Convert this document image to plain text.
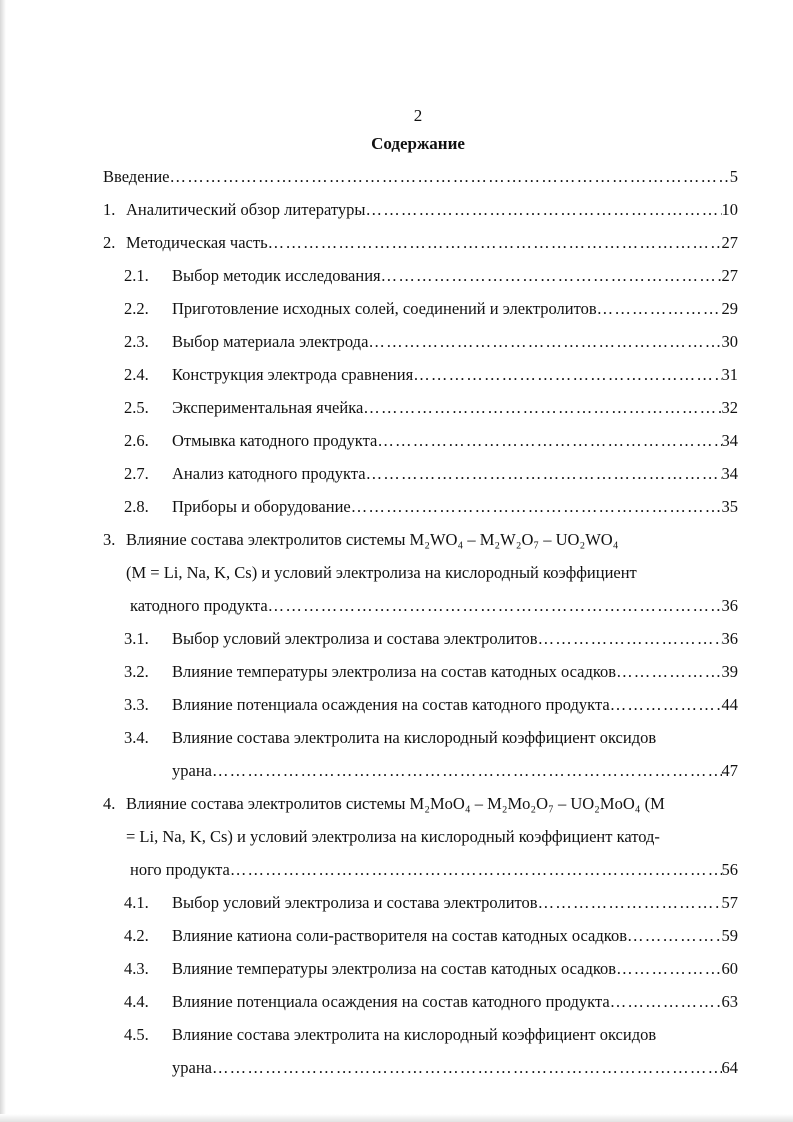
2
Содержание
Введение ……………………………………………………………………………………………………………………………………………………………………………………………………	5
1. Аналитический обзор литературы ……………………………………………………………………………………………………………………………………………………………………………………………………	10
2. Методическая часть ……………………………………………………………………………………………………………………………………………………………………………………………………	27
2.1. Выбор методик исследования ……………………………………………………………………………………………………………………………………………………………………………………………………	27
2.2. Приготовление исходных солей, соединений и электролитов ……………………………………………………………………………………………………………………………………………………………………………………………………	29
2.3. Выбор материала электрода ……………………………………………………………………………………………………………………………………………………………………………………………………	30
2.4. Конструкция электрода сравнения ……………………………………………………………………………………………………………………………………………………………………………………………………	31
2.5. Экспериментальная ячейка ……………………………………………………………………………………………………………………………………………………………………………………………………	32
2.6. Отмывка катодного продукта ……………………………………………………………………………………………………………………………………………………………………………………………………	34
2.7. Анализ катодного продукта ……………………………………………………………………………………………………………………………………………………………………………………………………	34
2.8. Приборы и оборудование ……………………………………………………………………………………………………………………………………………………………………………………………………	35
3. Влияние состава электролитов системы M₂WO₄ – M₂W₂O₇ – UO₂WO₄
(M = Li, Na, K, Cs) и условий электролиза на кислородный коэффициент
катодного продукта ……………………………………………………………………………………………………………………………………………………………………………………………………	36
3.1. Выбор условий электролиза и состава электролитов ……………………………………………………………………………………………………………………………………………………………………………………………………	36
3.2. Влияние температуры электролиза на состав катодных осадков ……………………………………………………………………………………………………………………………………………………………………………………………………	39
3.3. Влияние потенциала осаждения на состав катодного продукта ……………………………………………………………………………………………………………………………………………………………………………………………………	44
3.4. Влияние состава электролита на кислородный коэффициент оксидов
урана ……………………………………………………………………………………………………………………………………………………………………………………………………	47
4. Влияние состава электролитов системы M₂MoO₄ – M₂Mo₂O₇ – UO₂MoO₄ (M
= Li, Na, K, Cs) и условий электролиза на кислородный коэффициент катод-
ного продукта ……………………………………………………………………………………………………………………………………………………………………………………………………	56
4.1. Выбор условий электролиза и состава электролитов ……………………………………………………………………………………………………………………………………………………………………………………………………	57
4.2. Влияние катиона соли-растворителя на состав катодных осадков ……………………………………………………………………………………………………………………………………………………………………………………………………	59
4.3. Влияние температуры электролиза на состав катодных осадков ……………………………………………………………………………………………………………………………………………………………………………………………………	60
4.4. Влияние потенциала осаждения на состав катодного продукта ……………………………………………………………………………………………………………………………………………………………………………………………………	63
4.5. Влияние состава электролита на кислородный коэффициент оксидов
урана ……………………………………………………………………………………………………………………………………………………………………………………………………	64
